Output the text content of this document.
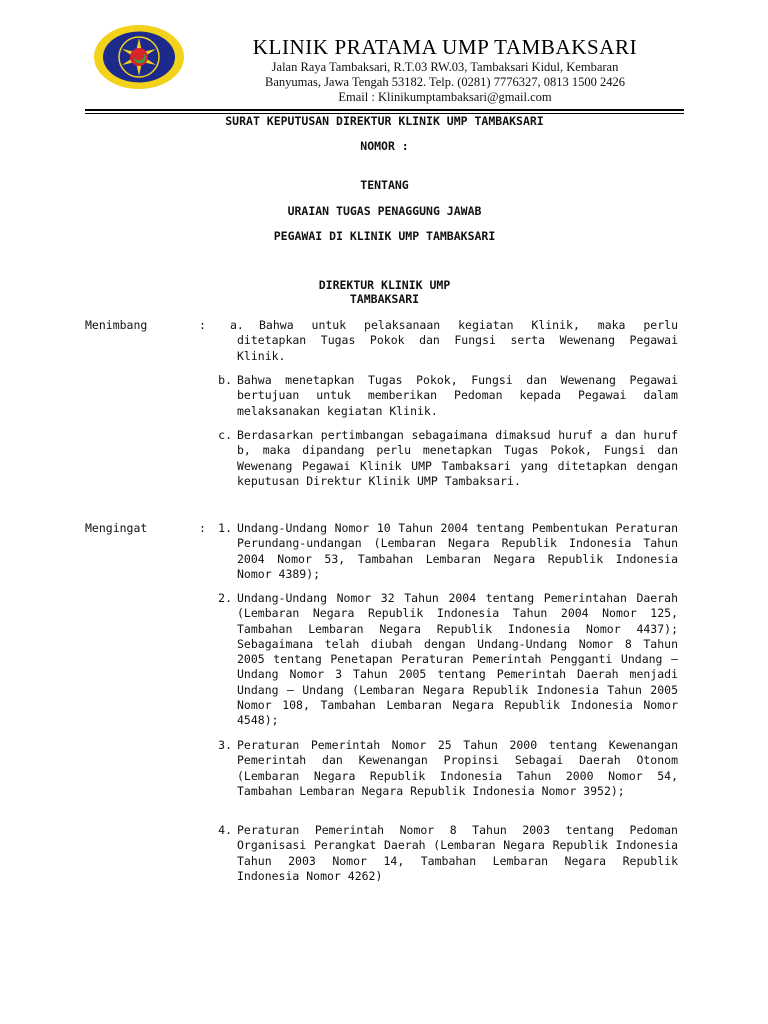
KLINIK PRATAMA UMP TAMBAKSARI
Jalan Raya Tambaksari, R.T.03 RW.03, Tambaksari Kidul, Kembaran
Banyumas, Jawa Tengah 53182. Telp. (0281) 7776327, 0813 1500 2426
Email : Klinikumptambaksari@gmail.com
SURAT KEPUTUSAN DIREKTUR KLINIK UMP TAMBAKSARI
NOMOR :
TENTANG
URAIAN TUGAS PENAGGUNG JAWAB
PEGAWAI DI KLINIK UMP TAMBAKSARI
DIREKTUR KLINIK UMP
TAMBAKSARI
Menimbang	: a.	Bahwa untuk pelaksanaan kegiatan Klinik, maka perlu ditetapkan Tugas Pokok dan Fungsi serta Wewenang Pegawai Klinik.
b. Bahwa menetapkan Tugas Pokok, Fungsi dan Wewenang Pegawai bertujuan untuk memberikan Pedoman kepada Pegawai dalam melaksanakan kegiatan Klinik.
c. Berdasarkan pertimbangan sebagaimana dimaksud huruf a dan huruf b, maka dipandang perlu menetapkan Tugas Pokok, Fungsi dan Wewenang Pegawai Klinik UMP Tambaksari yang ditetapkan dengan keputusan Direktur Klinik UMP Tambaksari.
Mengingat	:	1. Undang-Undang Nomor 10 Tahun 2004 tentang Pembentukan Peraturan Perundang-undangan (Lembaran Negara Republik Indonesia Tahun 2004 Nomor 53, Tambahan Lembaran Negara Republik Indonesia Nomor 4389);
2. Undang-Undang Nomor 32 Tahun 2004 tentang Pemerintahan Daerah (Lembaran Negara Republik Indonesia Tahun 2004 Nomor 125, Tambahan Lembaran Negara Republik Indonesia Nomor 4437); Sebagaimana telah diubah dengan Undang-Undang Nomor 8 Tahun 2005 tentang Penetapan Peraturan Pemerintah Pengganti Undang – Undang Nomor 3 Tahun 2005 tentang Pemerintah Daerah menjadi Undang – Undang (Lembaran Negara Republik Indonesia Tahun 2005 Nomor 108, Tambahan Lembaran Negara Republik Indonesia Nomor 4548);
3. Peraturan Pemerintah Nomor 25 Tahun 2000 tentang Kewenangan Pemerintah dan Kewenangan Propinsi Sebagai Daerah Otonom (Lembaran Negara Republik Indonesia Tahun 2000 Nomor 54, Tambahan Lembaran Negara Republik Indonesia Nomor 3952);
4. Peraturan Pemerintah Nomor 8 Tahun 2003 tentang Pedoman Organisasi Perangkat Daerah (Lembaran Negara Republik Indonesia Tahun 2003 Nomor 14, Tambahan Lembaran Negara Republik Indonesia Nomor 4262)
